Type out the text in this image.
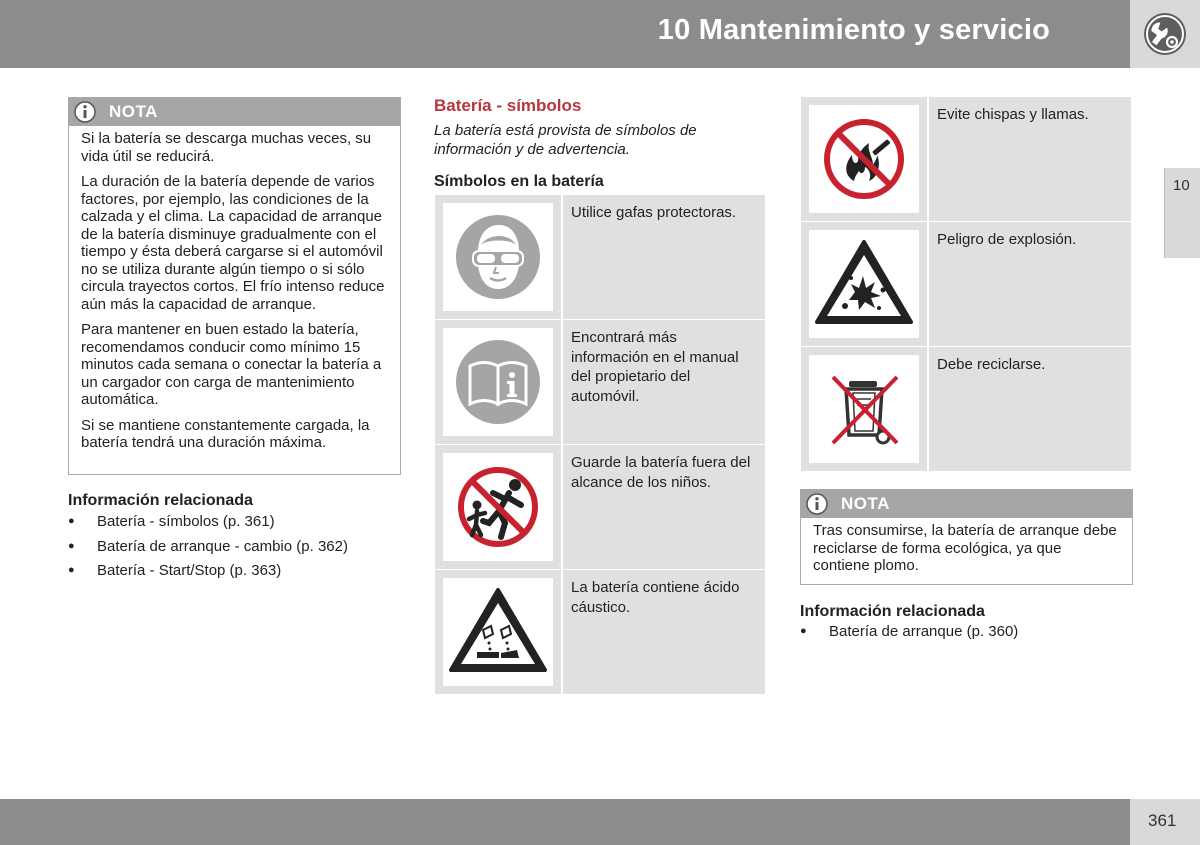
10 Mantenimiento y servicio
10
NOTA

Si la batería se descarga muchas veces, su vida útil se reducirá.

La duración de la batería depende de varios factores, por ejemplo, las condiciones de la calzada y el clima. La capacidad de arranque de la batería disminuye gradualmente con el tiempo y ésta deberá cargarse si el automóvil no se utiliza durante algún tiempo o si sólo circula trayectos cortos. El frío intenso reduce aún más la capacidad de arranque.

Para mantener en buen estado la batería, recomendamos conducir como mínimo 15 minutos cada semana o conectar la batería a un cargador con carga de mantenimiento automática.

Si se mantiene constantemente cargada, la batería tendrá una duración máxima.

Información relacionada
● Batería - símbolos (p. 361)
● Batería de arranque - cambio (p. 362)
● Batería - Start/Stop (p. 363)
Batería - símbolos
La batería está provista de símbolos de información y de advertencia.
Símbolos en la batería
Utilice gafas protectoras.
Encontrará más información en el manual del propietario del automóvil.
Guarde la batería fuera del alcance de los niños.
La batería contiene ácido cáustico.
Evite chispas y llamas.
Peligro de explosión.
Debe reciclarse.
NOTA

Tras consumirse, la batería de arranque debe reciclarse de forma ecológica, ya que contiene plomo.

Información relacionada
● Batería de arranque (p. 360)
361
